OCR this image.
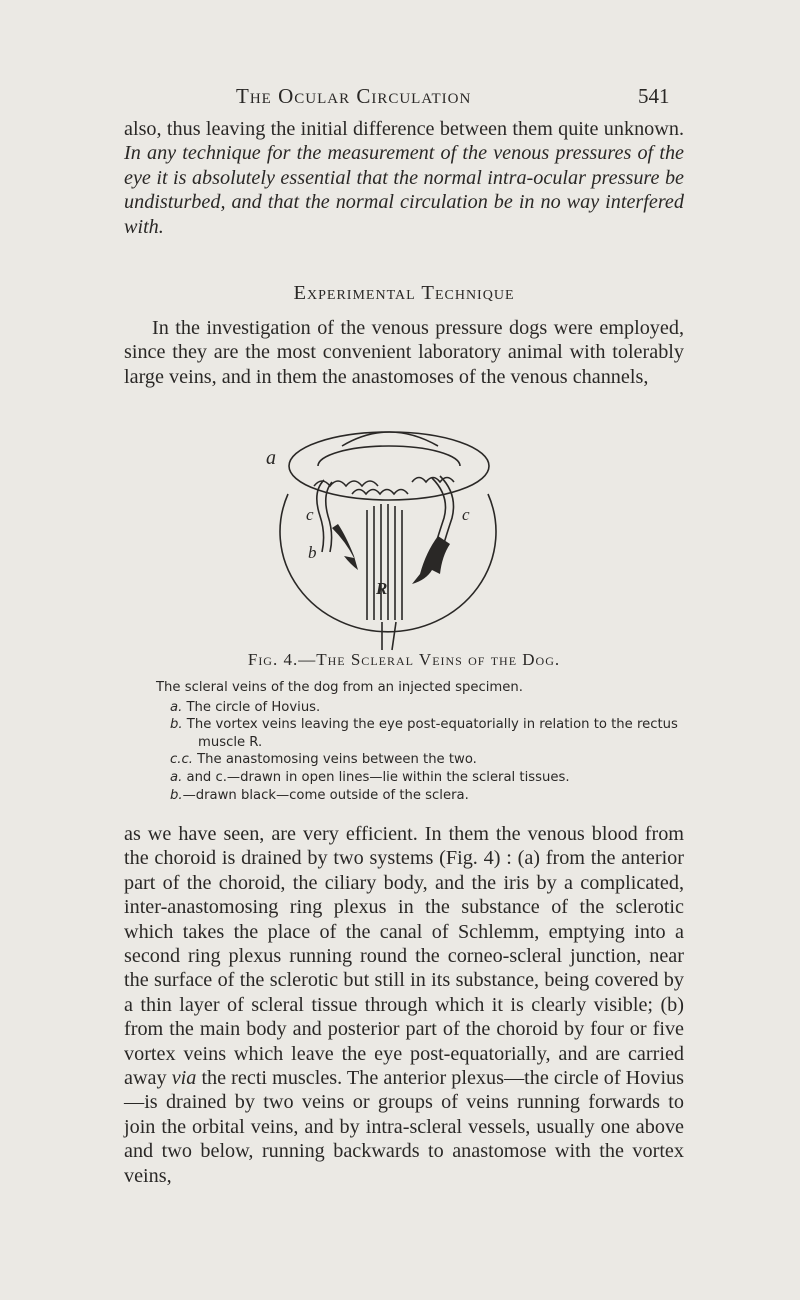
The Ocular Circulation	541

also, thus leaving the initial difference between them quite unknown. In any technique for the measurement of the venous pressures of the eye it is absolutely essential that the normal intra-ocular pressure be undisturbed, and that the normal circulation be in no way interfered with.

Experimental Technique

In the investigation of the venous pressure dogs were employed, since they are the most convenient laboratory animal with tolerably large veins, and in them the anastomoses of the venous channels,

a
c	c
b
R
Fig. 4.—The Scleral Veins of the Dog.

The scleral veins of the dog from an injected specimen.

a. The circle of Hovius.

b. The vortex veins leaving the eye post-equatorially in relation to the rectus muscle R.

c.c. The anastomosing veins between the two.

a. and c.—drawn in open lines—lie within the scleral tissues.

b.—drawn black—come outside of the sclera.

as we have seen, are very efficient. In them the venous blood from the choroid is drained by two systems (Fig. 4) : (a) from the anterior part of the choroid, the ciliary body, and the iris by a complicated, inter-anastomosing ring plexus in the substance of the sclerotic which takes the place of the canal of Schlemm, emptying into a second ring plexus running round the corneo-scleral junction, near the surface of the sclerotic but still in its substance, being covered by a thin layer of scleral tissue through which it is clearly visible; (b) from the main body and posterior part of the choroid by four or five vortex veins which leave the eye post-equatorially, and are carried away via the recti muscles. The anterior plexus—the circle of Hovius—is drained by two veins or groups of veins running forwards to join the orbital veins, and by intra-scleral vessels, usually one above and two below, running backwards to anastomose with the vortex veins,
